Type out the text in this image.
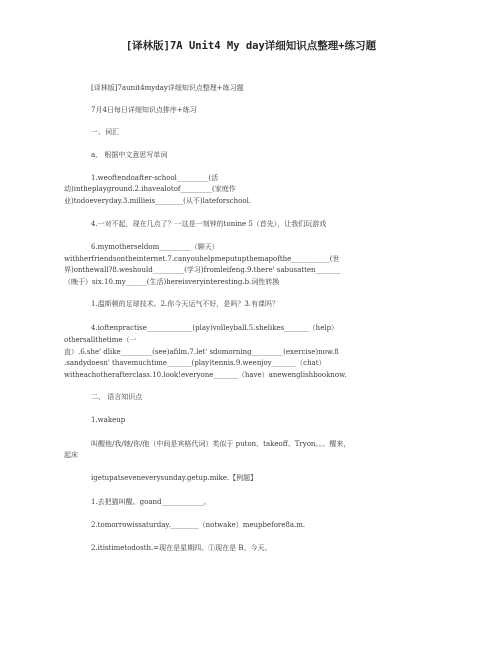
[译林版]7A Unit4 My day详细知识点整理+练习题
[译林版]7aunit4myday详细知识点整理+练习题
7月4日每日详细知识点排序+练习
一、词汇
a、 根据中文意思写单词
1.weoftendoafter-school_________(活
动)intheplayground.2.ihavealotof_________(家庭作
业)todoeveryday.3.millieis________(从不)lateforschool.
4.一对不起，现在几点了？一这是一刻钟的tonine 5（首先），让我们玩游戏
6.mymotherseldom_________（聊天）
withherfriendsontheinternet.7.canyouhelpmeputupthemapofthe___________(世
界)onthewall?8.weshould_________(学习)fromleifeng.9.there' sabusatten_______
（晚于）six.10.my______(生活)hereisveryinteresting.b.词性转换
1.温斯顿的足球技术。2.你今天运气不好，是吗？3.有课吗？
4.ioftenpractise_____________(play)volleyball.5.shelikes_______（help）
othersallthetime（一
直）.6.she' dlike_________(see)afilm.7.let' sdomorning_________(exercise)now.8
.sandydoesn' thavemuchtime_______(play)tennis.9.weenjoy_______（chat）
witheachotherafterclass.10.look!everyone_______（have）anewenglishbooknow.
二、 语言知识点
1.wakeup
叫醒他/我/她/你/他（中间是宾格代词）类似于 puton、takeoff、Tryon。。。醒来，
起床
igetupatseveneverysunday.getup.mike.【例题】
1.去把猫叫醒。goand____________。
2.tomorrowissaturday.________（notwake）meupbefore8a.m.
2.itistimetodosth.=现在是星期四。①现在是 B。今天。
